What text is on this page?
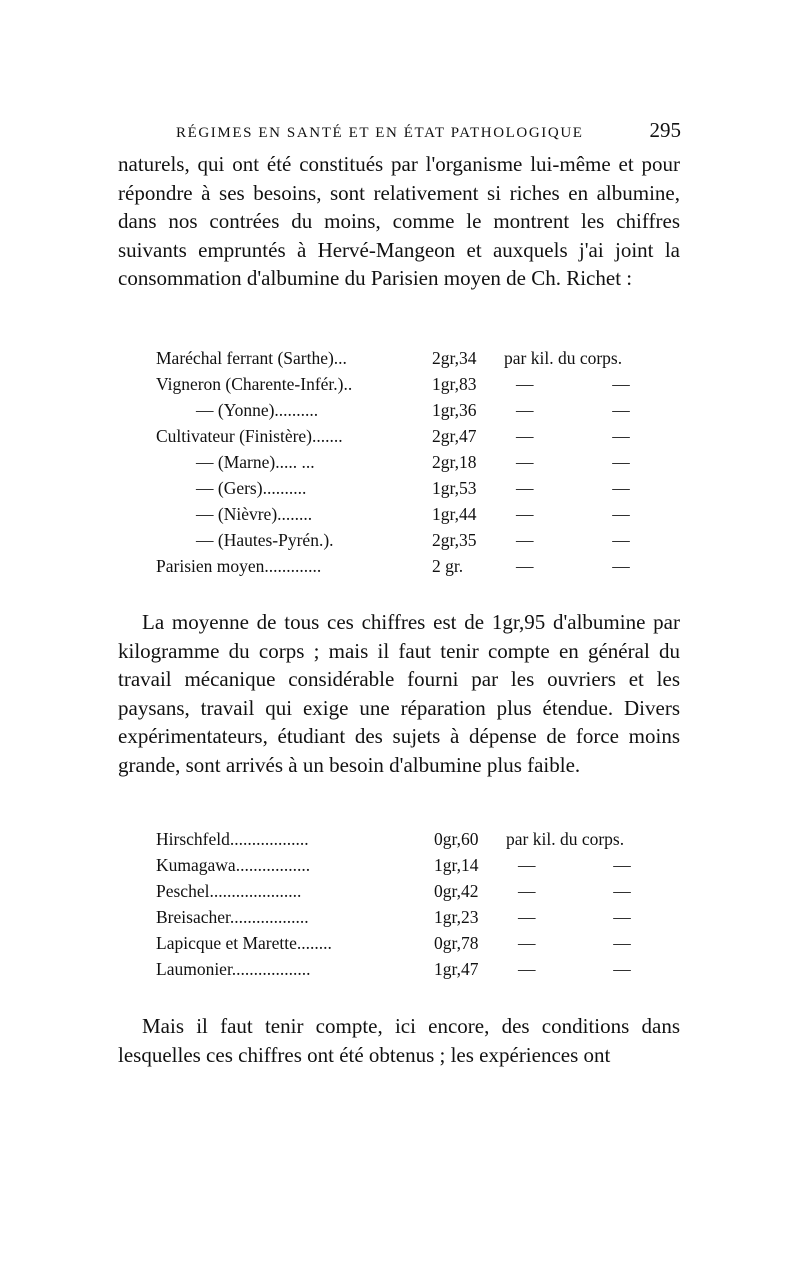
RÉGIMES EN SANTÉ ET EN ÉTAT PATHOLOGIQUE	295

naturels, qui ont été constitués par l'organisme lui-même et pour répondre à ses besoins, sont relativement si riches en albumine, dans nos contrées du moins, comme le montrent les chiffres suivants empruntés à Hervé-Mangeon et auxquels j'ai joint la consommation d'albumine du Parisien moyen de Ch. Richet :

Maréchal ferrant (Sarthe)...	2gr,34	par kil. du corps.
Vigneron (Charente-Infér.)..	1gr,83	—	—
— (Yonne)..........	1gr,36	—	—
Cultivateur (Finistère).......	2gr,47	—	—
— (Marne)..... ...	2gr,18	—	—
— (Gers)..........	1gr,53	—	—
— (Nièvre)........	1gr,44	—	—
— (Hautes-Pyrén.).	2gr,35	—	—
Parisien moyen.............	2 gr.	—	—

La moyenne de tous ces chiffres est de 1gr,95 d'albumine par kilogramme du corps ; mais il faut tenir compte en général du travail mécanique considérable fourni par les ouvriers et les paysans, travail qui exige une réparation plus étendue. Divers expérimentateurs, étudiant des sujets à dépense de force moins grande, sont arrivés à un besoin d'albumine plus faible.

Hirschfeld..................	0gr,60	par kil. du corps.
Kumagawa.................	1gr,14	—	—
Peschel.....................	0gr,42	—	—
Breisacher..................	1gr,23	—	—
Lapicque et Marette........	0gr,78	—	—
Laumonier..................	1gr,47	—	—

Mais il faut tenir compte, ici encore, des conditions dans lesquelles ces chiffres ont été obtenus ; les expériences ont
